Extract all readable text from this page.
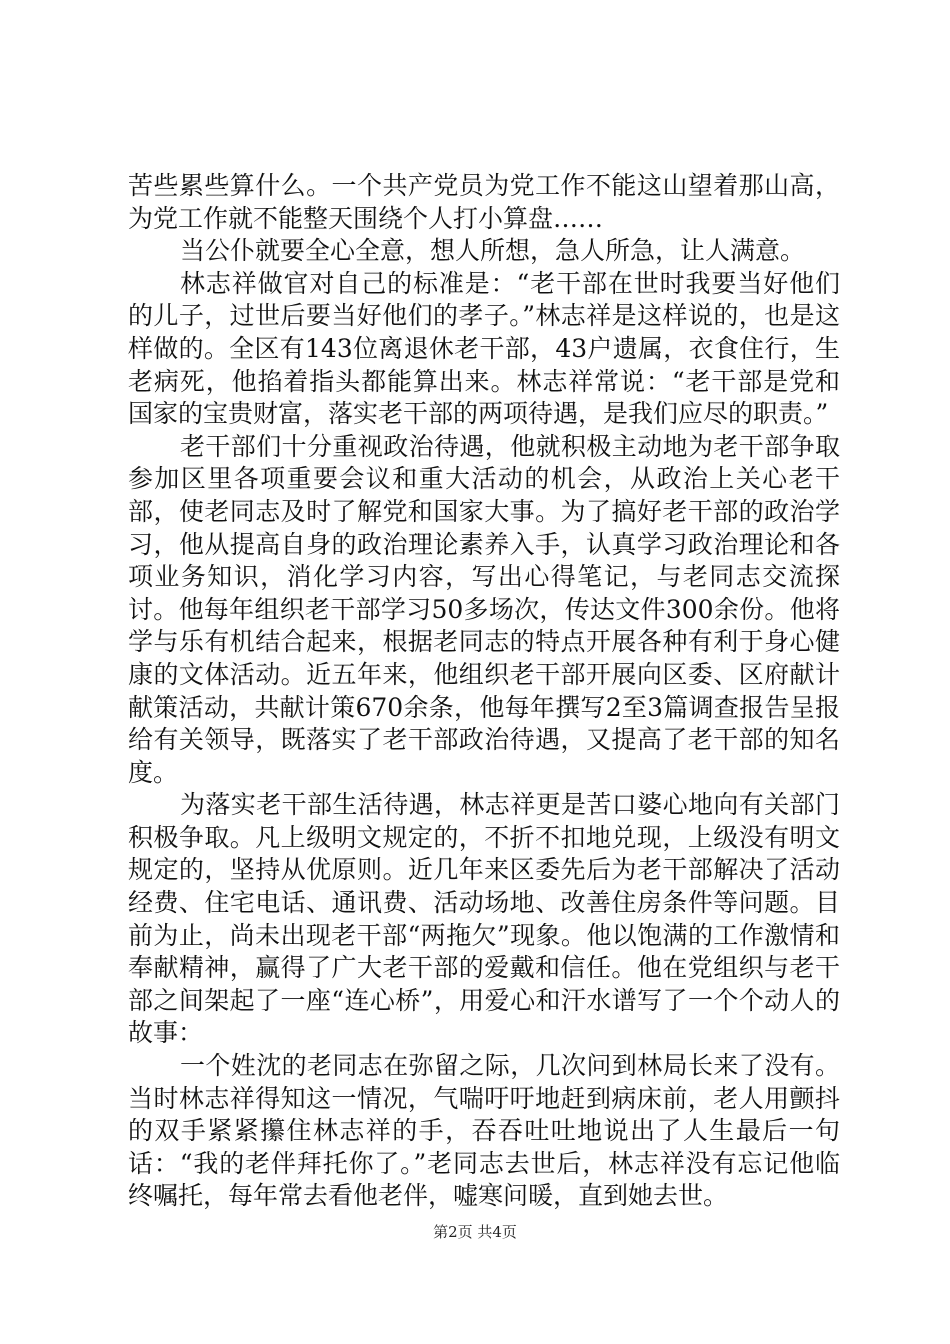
苦些累些算什么。一个共产党员为党工作不能这山望着那山高，为党工作就不能整天围绕个人打小算盘……

当公仆就要全心全意，想人所想，急人所急，让人满意。

林志祥做官对自己的标准是：“老干部在世时我要当好他们的儿子，过世后要当好他们的孝子。”林志祥是这样说的，也是这样做的。全区有143位离退休老干部，43户遗属，衣食住行，生老病死，他掐着指头都能算出来。林志祥常说：“老干部是党和国家的宝贵财富，落实老干部的两项待遇，是我们应尽的职责。”

老干部们十分重视政治待遇，他就积极主动地为老干部争取参加区里各项重要会议和重大活动的机会，从政治上关心老干部，使老同志及时了解党和国家大事。为了搞好老干部的政治学习，他从提高自身的政治理论素养入手，认真学习政治理论和各项业务知识，消化学习内容，写出心得笔记，与老同志交流探讨。他每年组织老干部学习50多场次，传达文件300余份。他将学与乐有机结合起来，根据老同志的特点开展各种有利于身心健康的文体活动。近五年来，他组织老干部开展向区委、区府献计献策活动，共献计策670余条，他每年撰写2至3篇调查报告呈报给有关领导，既落实了老干部政治待遇，又提高了老干部的知名度。

为落实老干部生活待遇，林志祥更是苦口婆心地向有关部门积极争取。凡上级明文规定的，不折不扣地兑现，上级没有明文规定的，坚持从优原则。近几年来区委先后为老干部解决了活动经费、住宅电话、通讯费、活动场地、改善住房条件等问题。目前为止，尚未出现老干部“两拖欠”现象。他以饱满的工作激情和奉献精神，赢得了广大老干部的爱戴和信任。他在党组织与老干部之间架起了一座“连心桥”，用爱心和汗水谱写了一个个动人的故事：

一个姓沈的老同志在弥留之际，几次问到林局长来了没有。当时林志祥得知这一情况，气喘吁吁地赶到病床前，老人用颤抖的双手紧紧攥住林志祥的手，吞吞吐吐地说出了人生最后一句话：“我的老伴拜托你了。”老同志去世后，林志祥没有忘记他临终嘱托，每年常去看他老伴，嘘寒问暖，直到她去世。

第2页 共4页
